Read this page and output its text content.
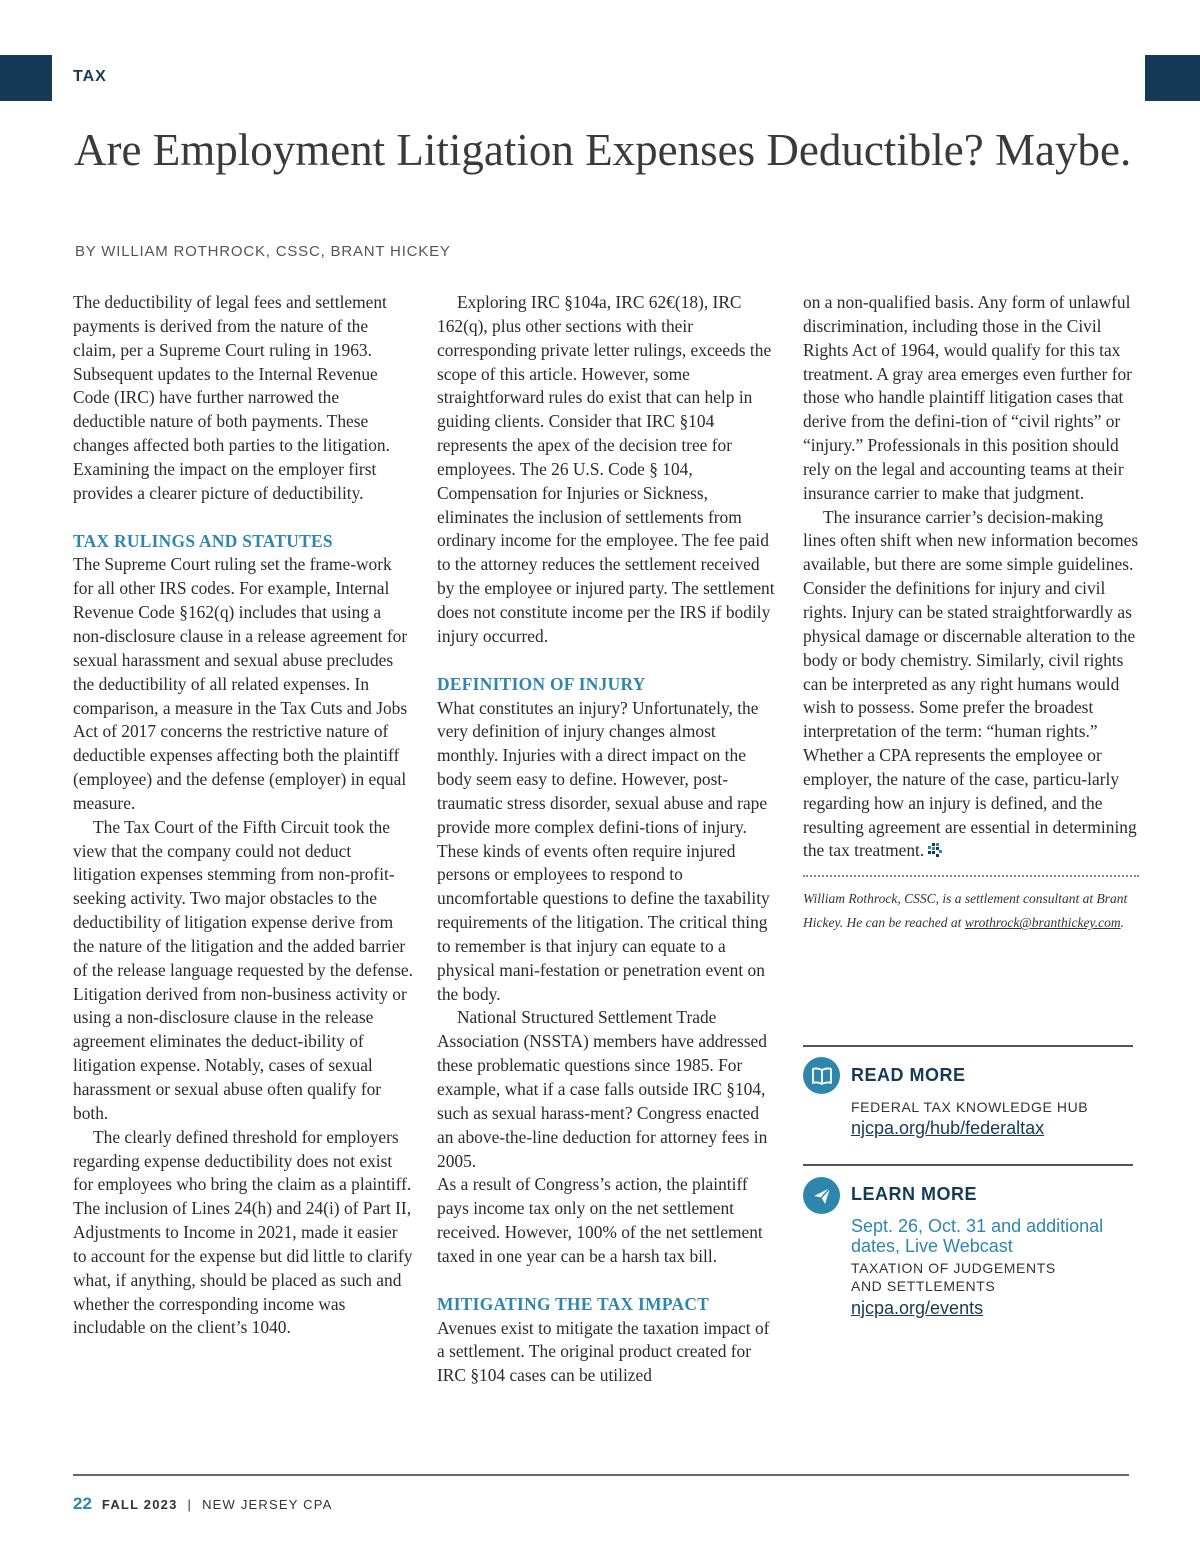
TAX
Are Employment Litigation Expenses Deductible? Maybe.
BY WILLIAM ROTHROCK, CSSC, BRANT HICKEY

The deductibility of legal fees and settlement payments is derived from the nature of the claim, per a Supreme Court ruling in 1963. Subsequent updates to the Internal Revenue Code (IRC) have further narrowed the deductible nature of both payments. These changes affected both parties to the litigation. Examining the impact on the employer first provides a clearer picture of deductibility.

TAX RULINGS AND STATUTES

The Supreme Court ruling set the frame-work for all other IRS codes. For example, Internal Revenue Code §162(q) includes that using a non-disclosure clause in a release agreement for sexual harassment and sexual abuse precludes the deductibility of all related expenses. In comparison, a measure in the Tax Cuts and Jobs Act of 2017 concerns the restrictive nature of deductible expenses affecting both the plaintiff (employee) and the defense (employer) in equal measure.

The Tax Court of the Fifth Circuit took the view that the company could not deduct litigation expenses stemming from non-profit-seeking activity. Two major obstacles to the deductibility of litigation expense derive from the nature of the litigation and the added barrier of the release language requested by the defense. Litigation derived from non-business activity or using a non-disclosure clause in the release agreement eliminates the deduct-ibility of litigation expense. Notably, cases of sexual harassment or sexual abuse often qualify for both.

The clearly defined threshold for employers regarding expense deductibility does not exist for employees who bring the claim as a plaintiff. The inclusion of Lines 24(h) and 24(i) of Part II, Adjustments to Income in 2021, made it easier to account for the expense but did little to clarify what, if anything, should be placed as such and whether the corresponding income was includable on the client’s 1040.

Exploring IRC §104a, IRC 62€(18), IRC 162(q), plus other sections with their corresponding private letter rulings, exceeds the scope of this article. However, some straightforward rules do exist that can help in guiding clients. Consider that IRC §104 represents the apex of the decision tree for employees. The 26 U.S. Code § 104, Compensation for Injuries or Sickness, eliminates the inclusion of settlements from ordinary income for the employee. The fee paid to the attorney reduces the settlement received by the employee or injured party. The settlement does not constitute income per the IRS if bodily injury occurred.

DEFINITION OF INJURY

What constitutes an injury? Unfortunately, the very definition of injury changes almost monthly. Injuries with a direct impact on the body seem easy to define. However, post-traumatic stress disorder, sexual abuse and rape provide more complex defini-tions of injury. These kinds of events often require injured persons or employees to respond to uncomfortable questions to define the taxability requirements of the litigation. The critical thing to remember is that injury can equate to a physical mani-festation or penetration event on the body.

National Structured Settlement Trade Association (NSSTA) members have addressed these problematic questions since 1985. For example, what if a case falls outside IRC §104, such as sexual harass-ment? Congress enacted an above-the-line deduction for attorney fees in 2005.

As a result of Congress’s action, the plaintiff pays income tax only on the net settlement received. However, 100% of the net settlement taxed in one year can be a harsh tax bill.

MITIGATING THE TAX IMPACT

Avenues exist to mitigate the taxation impact of a settlement. The original product created for IRC §104 cases can be utilized

on a non-qualified basis. Any form of unlawful discrimination, including those in the Civil Rights Act of 1964, would qualify for this tax treatment. A gray area emerges even further for those who handle plaintiff litigation cases that derive from the defini-tion of “civil rights” or “injury.” Professionals in this position should rely on the legal and accounting teams at their insurance carrier to make that judgment.

The insurance carrier’s decision-making lines often shift when new information becomes available, but there are some simple guidelines. Consider the definitions for injury and civil rights. Injury can be stated straightforwardly as physical damage or discernable alteration to the body or body chemistry. Similarly, civil rights can be interpreted as any right humans would wish to possess. Some prefer the broadest interpretation of the term: “human rights.” Whether a CPA represents the employee or employer, the nature of the case, particu-larly regarding how an injury is defined, and the resulting agreement are essential in determining the tax treatment.

William Rothrock, CSSC, is a settlement consultant at Brant Hickey. He can be reached at wrothrock@branthickey.com.

READ MORE
FEDERAL TAX KNOWLEDGE HUB
njcpa.org/hub/federaltax
LEARN MORE
Sept. 26, Oct. 31 and additional dates, Live Webcast
TAXATION OF JUDGEMENTS
AND SETTLEMENTS
njcpa.org/events
22 FALL 2023 | NEW JERSEY CPA
